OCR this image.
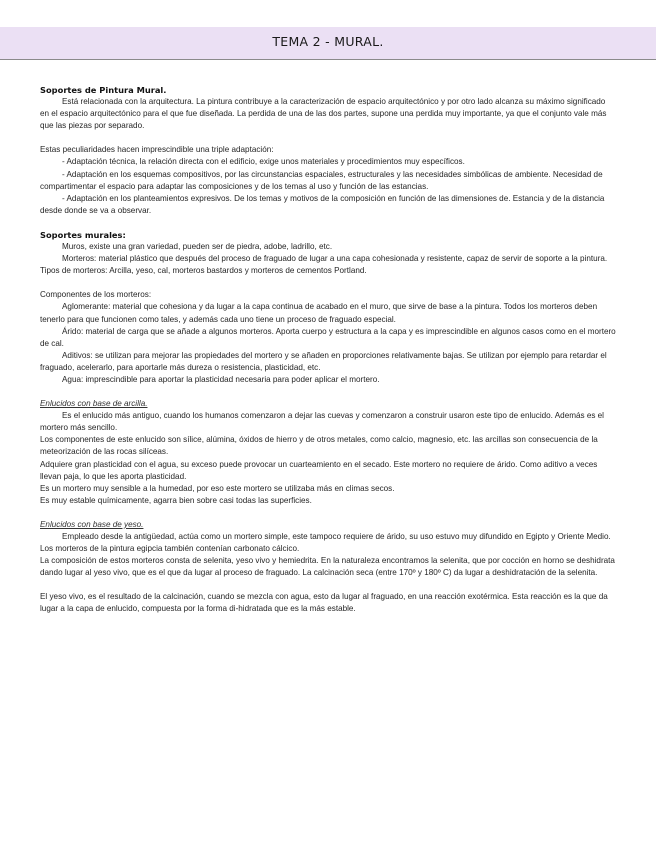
TEMA 2 - MURAL.

Soportes de Pintura Mural.

Está relacionada con la arquitectura. La pintura contribuye a la caracterización de espacio arquitectónico y por otro lado alcanza su máximo significado en el espacio arquitectónico para el que fue diseñada. La perdida de una de las dos partes, supone una perdida muy importante, ya que el conjunto vale más que las piezas por separado.

Estas peculiaridades hacen imprescindible una triple adaptación:

- Adaptación técnica, la relación directa con el edificio, exige unos materiales y procedimientos muy específicos.

- Adaptación en los esquemas compositivos, por las circunstancias espaciales, estructurales y las necesidades simbólicas de ambiente. Necesidad de compartimentar el espacio para adaptar las composiciones y de los temas al uso y función de las estancias.

- Adaptación en los planteamientos expresivos. De los temas y motivos de la composición en función de las dimensiones de. Estancia y de la distancia desde donde se va a observar.

Soportes murales:

Muros, existe una gran variedad, pueden ser de piedra, adobe, ladrillo, etc.

Morteros: material plástico que después del proceso de fraguado de lugar a una capa cohesionada y resistente, capaz de servir de soporte a la pintura.

Tipos de morteros: Arcilla, yeso, cal, morteros bastardos y morteros de cementos Portland.

Componentes de los morteros:

Aglomerante: material que cohesiona y da lugar a la capa continua de acabado en el muro, que sirve de base a la pintura. Todos los morteros deben tenerlo para que funcionen como tales, y además cada uno tiene un proceso de fraguado especial.

Árido: material de carga que se añade a algunos morteros. Aporta cuerpo y estructura a la capa y es imprescindible en algunos casos como en el mortero de cal.

Aditivos: se utilizan para mejorar las propiedades del mortero y se añaden en proporciones relativamente bajas. Se utilizan por ejemplo para retardar el fraguado, acelerarlo, para aportarle más dureza o resistencia, plasticidad, etc.

Agua: imprescindible para aportar la plasticidad necesaria para poder aplicar el mortero.

Enlucidos con base de arcilla.

Es el enlucido más antiguo, cuando los humanos comenzaron a dejar las cuevas y comenzaron a construir usaron este tipo de enlucido. Además es el mortero más sencillo.

Los componentes de este enlucido son sílice, alúmina, óxidos de hierro y de otros metales, como calcio, magnesio, etc. las arcillas son consecuencia de la meteorización de las rocas silíceas.

Adquiere gran plasticidad con el agua, su exceso puede provocar un cuarteamiento en el secado. Este mortero no requiere de árido. Como aditivo a veces llevan paja, lo que les aporta plasticidad.

Es un mortero muy sensible a la humedad, por eso este mortero se utilizaba más en climas secos.

Es muy estable químicamente, agarra bien sobre casi todas las superficies.

Enlucidos con base de yeso.

Empleado desde la antigüedad, actúa como un mortero simple, este tampoco requiere de árido, su uso estuvo muy difundido en Egipto y Oriente Medio. Los morteros de la pintura egipcia también contenían carbonato cálcico.

La composición de estos morteros consta de selenita, yeso vivo y hemiedrita. En la naturaleza encontramos la selenita, que por cocción en horno se deshidrata dando lugar al yeso vivo, que es el que da lugar al proceso de fraguado. La calcinación seca (entre 170º y 180º C) da lugar a deshidratación de la selenita.

El yeso vivo, es el resultado de la calcinación, cuando se mezcla con agua, esto da lugar al fraguado, en una reacción exotérmica. Esta reacción es la que da lugar a la capa de enlucido, compuesta por la forma di-hidratada que es la más estable.
